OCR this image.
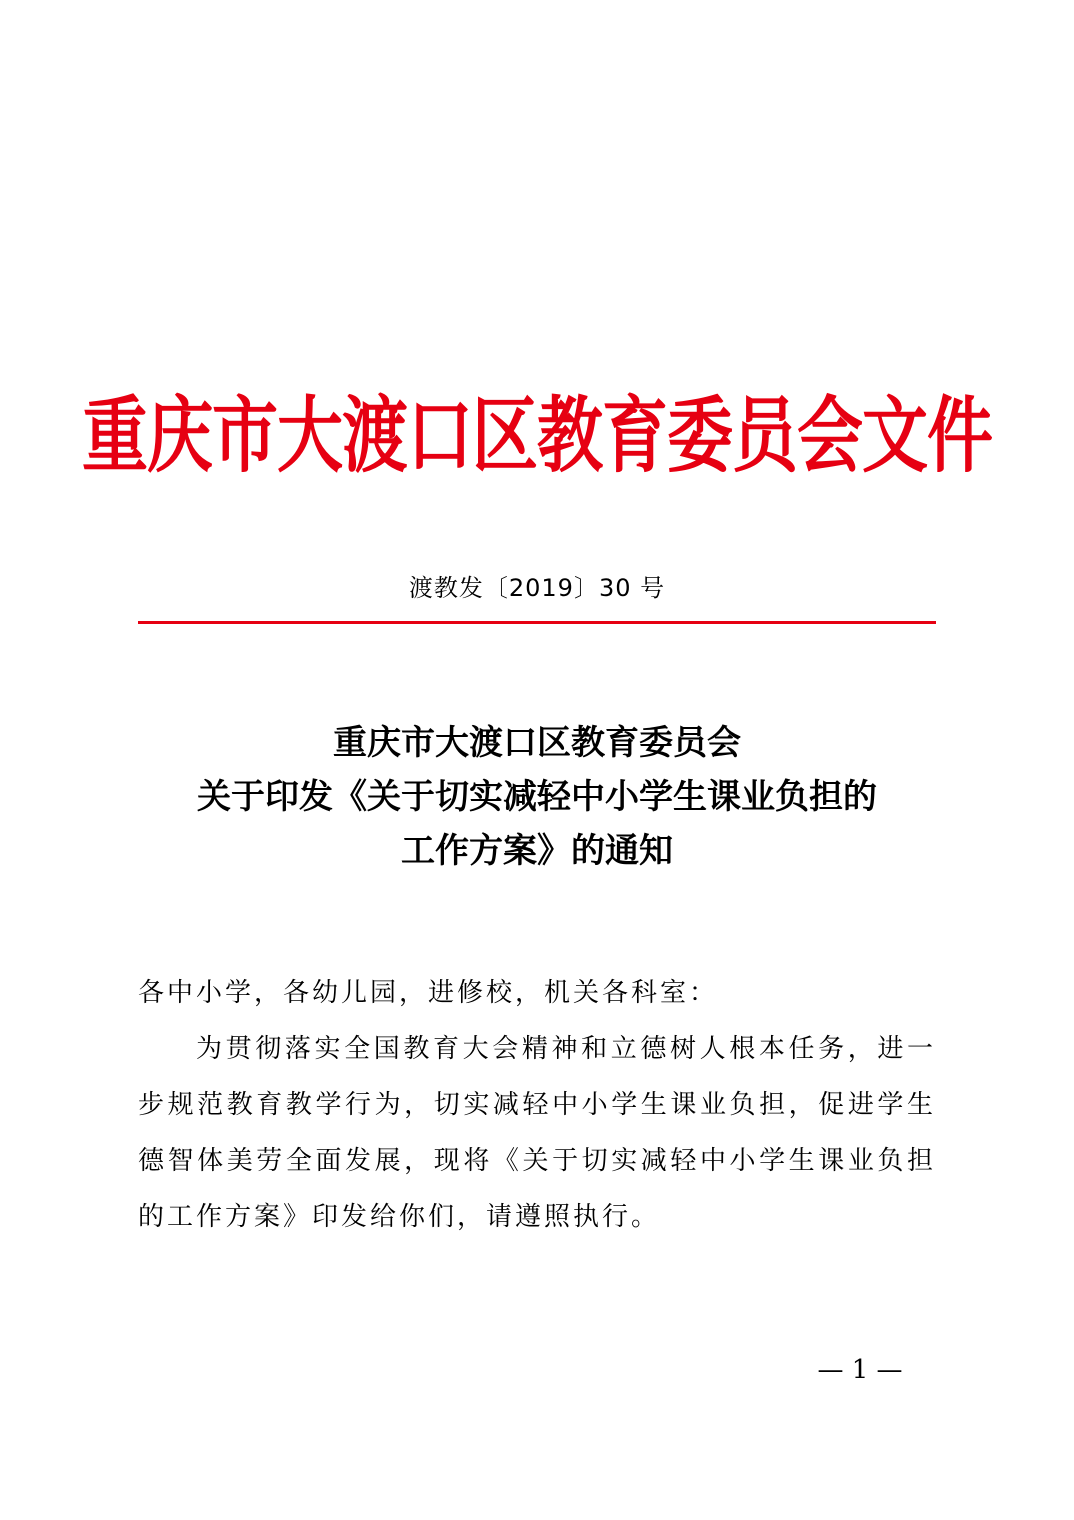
重庆市大渡口区教育委员会文件
渡教发〔2019〕30 号
重庆市大渡口区教育委员会
关于印发《关于切实减轻中小学生课业负担的
工作方案》的通知
各中小学，各幼儿园，进修校，机关各科室：
为贯彻落实全国教育大会精神和立德树人根本任务，进一步规范教育教学行为，切实减轻中小学生课业负担，促进学生德智体美劳全面发展，现将《关于切实减轻中小学生课业负担的工作方案》印发给你们，请遵照执行。
— 1 —
